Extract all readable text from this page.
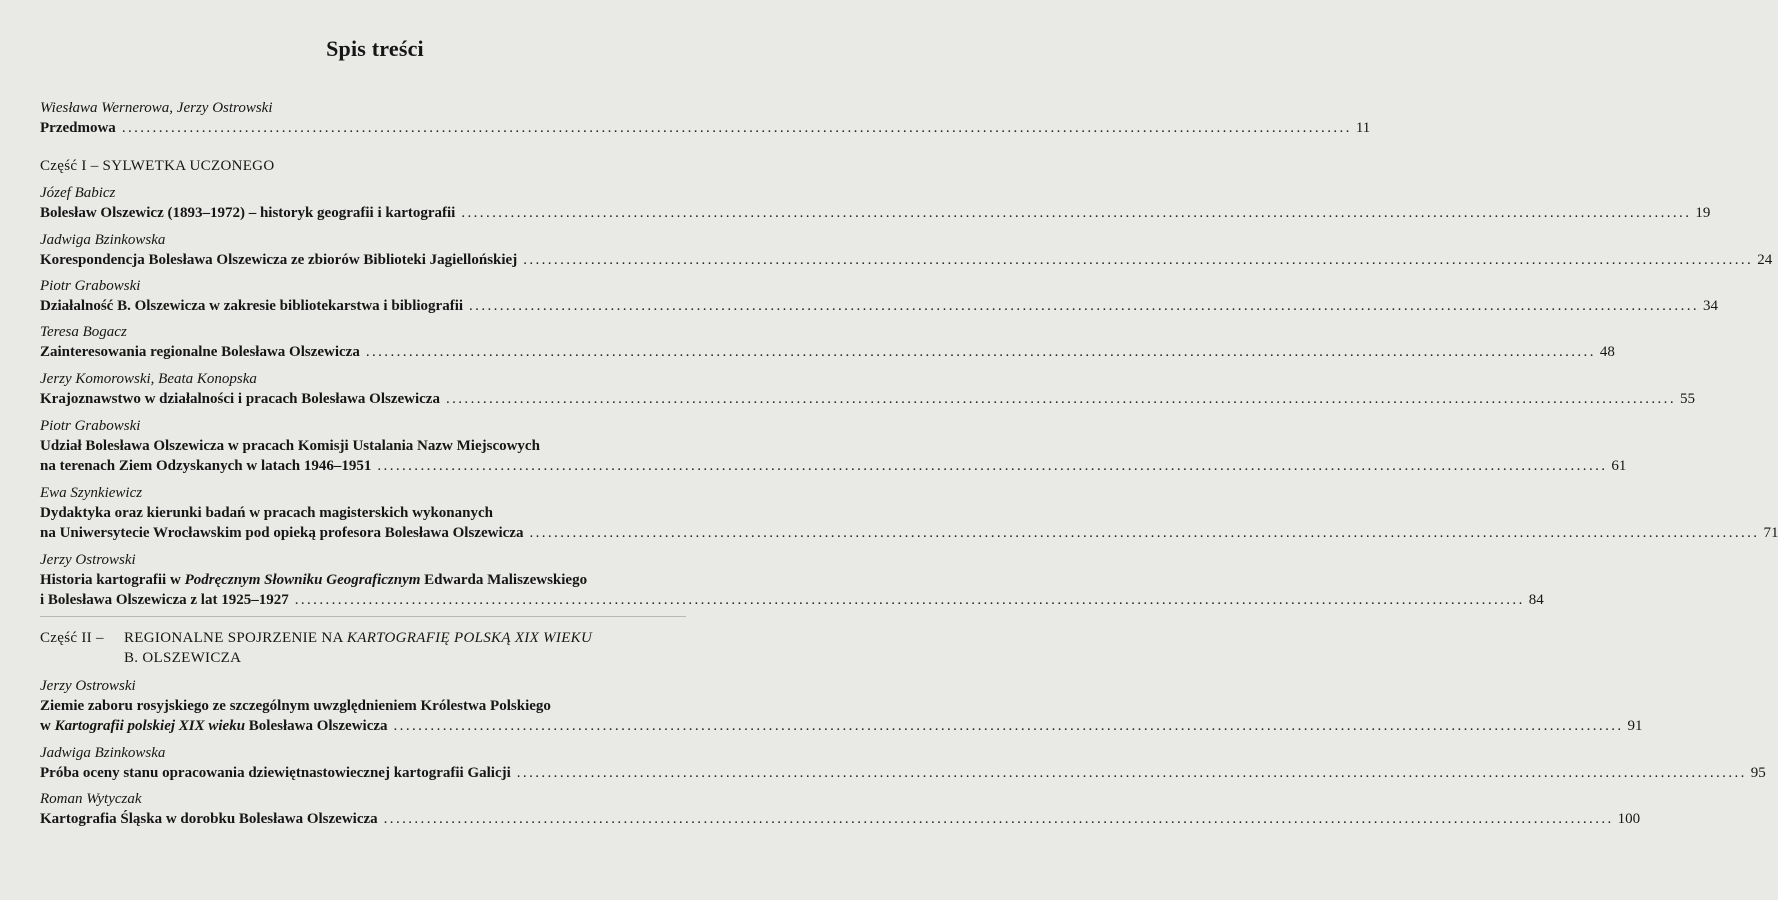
Spis treści
Wiesława Wernerowa, Jerzy Ostrowski
Przedmowa ........................................................................................................................................................................................................ 11
Część I – SYLWETKA UCZONEGO
Józef Babicz
Bolesław Olszewicz (1893–1972) – historyk geografii i kartografii ........................................................................................................................................................................................................ 19
Jadwiga Bzinkowska
Korespondencja Bolesława Olszewicza ze zbiorów Biblioteki Jagiellońskiej ........................................................................................................................................................................................................ 24
Piotr Grabowski
Działalność B. Olszewicza w zakresie bibliotekarstwa i bibliografii ........................................................................................................................................................................................................ 34
Teresa Bogacz
Zainteresowania regionalne Bolesława Olszewicza ........................................................................................................................................................................................................ 48
Jerzy Komorowski, Beata Konopska
Krajoznawstwo w działalności i pracach Bolesława Olszewicza ........................................................................................................................................................................................................ 55
Piotr Grabowski
Udział Bolesława Olszewicza w pracach Komisji Ustalania Nazw Miejscowych
na terenach Ziem Odzyskanych w latach 1946–1951 ........................................................................................................................................................................................................ 61
Ewa Szynkiewicz
Dydaktyka oraz kierunki badań w pracach magisterskich wykonanych
na Uniwersytecie Wrocławskim pod opieką profesora Bolesława Olszewicza ........................................................................................................................................................................................................ 71
Jerzy Ostrowski
Historia kartografii w Podręcznym Słowniku Geograficznym Edwarda Maliszewskiego
i Bolesława Olszewicza z lat 1925–1927 ........................................................................................................................................................................................................ 84
Część II –	REGIONALNE SPOJRZENIE NA KARTOGRAFIĘ POLSKĄ XIX WIEKU
B. OLSZEWICZA
Jerzy Ostrowski
Ziemie zaboru rosyjskiego ze szczególnym uwzględnieniem Królestwa Polskiego
w Kartografii polskiej XIX wieku Bolesława Olszewicza ........................................................................................................................................................................................................ 91
Jadwiga Bzinkowska
Próba oceny stanu opracowania dziewiętnastowiecznej kartografii Galicji ........................................................................................................................................................................................................ 95
Roman Wytyczak
Kartografia Śląska w dorobku Bolesława Olszewicza ........................................................................................................................................................................................................ 100
